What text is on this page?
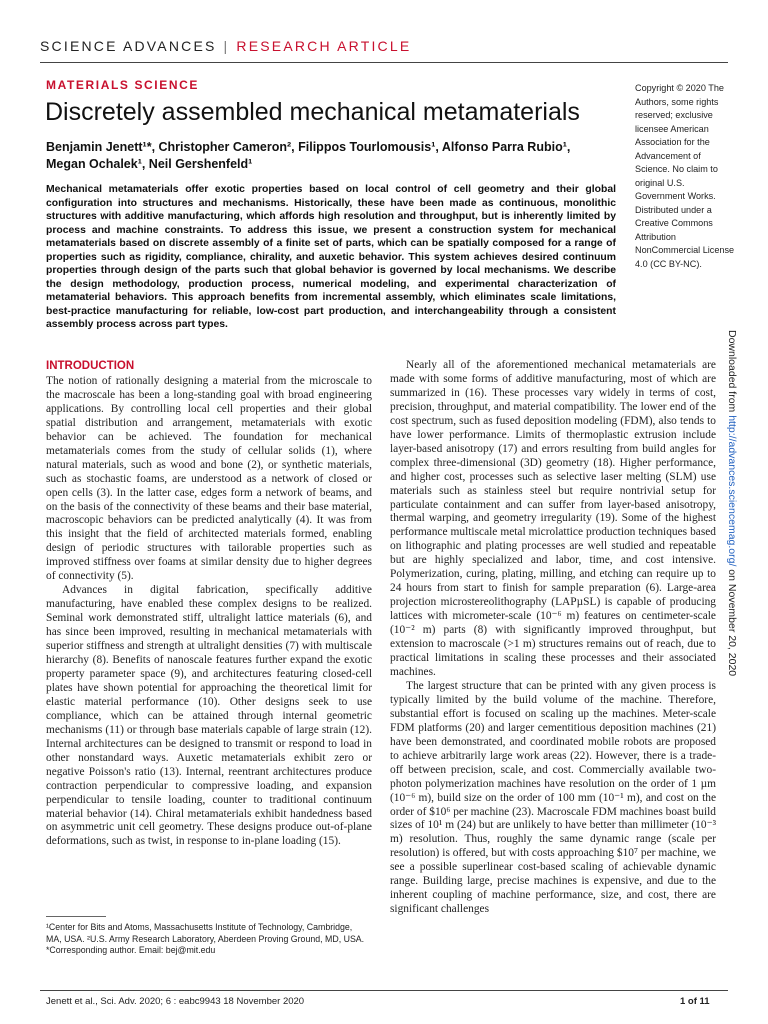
SCIENCE ADVANCES | RESEARCH ARTICLE
MATERIALS SCIENCE
Discretely assembled mechanical metamaterials
Benjamin Jenett¹*, Christopher Cameron², Filippos Tourlomousis¹, Alfonso Parra Rubio¹,
Megan Ochalek¹, Neil Gershenfeld¹
Mechanical metamaterials offer exotic properties based on local control of cell geometry and their global configuration into structures and mechanisms. Historically, these have been made as continuous, monolithic structures with additive manufacturing, which affords high resolution and throughput, but is inherently limited by process and machine constraints. To address this issue, we present a construction system for mechanical metamaterials based on discrete assembly of a finite set of parts, which can be spatially composed for a range of properties such as rigidity, compliance, chirality, and auxetic behavior. This system achieves desired continuum properties through design of the parts such that global behavior is governed by local mechanisms. We describe the design methodology, production process, numerical modeling, and experimental characterization of metamaterial behaviors. This approach benefits from incremental assembly, which eliminates scale limitations, best-practice manufacturing for reliable, low-cost part production, and interchangeability through a consistent assembly process across part types.
Copyright © 2020 The Authors, some rights reserved; exclusive licensee American Association for the Advancement of Science. No claim to original U.S. Government Works. Distributed under a Creative Commons Attribution NonCommercial License 4.0 (CC BY-NC).
INTRODUCTION

The notion of rationally designing a material from the microscale to the macroscale has been a long-standing goal with broad engineering applications. By controlling local cell properties and their global spatial distribution and arrangement, metamaterials with exotic behavior can be achieved. The foundation for mechanical metamaterials comes from the study of cellular solids (1), where natural materials, such as wood and bone (2), or synthetic materials, such as stochastic foams, are understood as a network of closed or open cells (3). In the latter case, edges form a network of beams, and on the basis of the connectivity of these beams and their base material, macroscopic behaviors can be predicted analytically (4). It was from this insight that the field of architected materials formed, enabling design of periodic structures with tailorable properties such as improved stiffness over foams at similar density due to higher degrees of connectivity (5).

Advances in digital fabrication, specifically additive manufacturing, have enabled these complex designs to be realized. Seminal work demonstrated stiff, ultralight lattice materials (6), and has since been improved, resulting in mechanical metamaterials with superior stiffness and strength at ultralight densities (7) with multiscale hierarchy (8). Benefits of nanoscale features further expand the exotic property parameter space (9), and architectures featuring closed-cell plates have shown potential for approaching the theoretical limit for elastic material performance (10). Other designs seek to use compliance, which can be attained through internal geometric mechanisms (11) or through base materials capable of large strain (12). Internal architectures can be designed to transmit or respond to load in other nonstandard ways. Auxetic metamaterials exhibit zero or negative Poisson's ratio (13). Internal, reentrant architectures produce contraction perpendicular to compressive loading, and expansion perpendicular to tensile loading, counter to traditional continuum material behavior (14). Chiral metamaterials exhibit handedness based on asymmetric unit cell geometry. These designs produce out-of-plane deformations, such as twist, in response to in-plane loading (15).

Nearly all of the aforementioned mechanical metamaterials are made with some forms of additive manufacturing, most of which are summarized in (16). These processes vary widely in terms of cost, precision, throughput, and material compatibility. The lower end of the cost spectrum, such as fused deposition modeling (FDM), also tends to have lower performance. Limits of thermoplastic extrusion include layer-based anisotropy (17) and errors resulting from build angles for complex three-dimensional (3D) geometry (18). Higher performance, and higher cost, processes such as selective laser melting (SLM) use materials such as stainless steel but require nontrivial setup for particulate containment and can suffer from layer-based anisotropy, thermal warping, and geometry irregularity (19). Some of the highest performance multiscale metal microlattice production techniques based on lithographic and plating processes are well studied and repeatable but are highly specialized and labor, time, and cost intensive. Polymerization, curing, plating, milling, and etching can require up to 24 hours from start to finish for sample preparation (6). Large-area projection microstereolithography (LAPµSL) is capable of producing lattices with micrometer-scale (10⁻⁶ m) features on centimeter-scale (10⁻² m) parts (8) with significantly improved throughput, but extension to macroscale (>1 m) structures remains out of reach, due to practical limitations in scaling these processes and their associated machines.

The largest structure that can be printed with any given process is typically limited by the build volume of the machine. Therefore, substantial effort is focused on scaling up the machines. Meter-scale FDM platforms (20) and larger cementitious deposition machines (21) have been demonstrated, and coordinated mobile robots are proposed to achieve arbitrarily large work areas (22). However, there is a trade-off between precision, scale, and cost. Commercially available two-photon polymerization machines have resolution on the order of 1 µm (10⁻⁶ m), build size on the order of 100 mm (10⁻¹ m), and cost on the order of $10⁶ per machine (23). Macroscale FDM machines boast build sizes of 10¹ m (24) but are unlikely to have better than millimeter (10⁻³ m) resolution. Thus, roughly the same dynamic range (scale per resolution) is offered, but with costs approaching $10⁷ per machine, we see a possible superlinear cost-based scaling of achievable dynamic range. Building large, precise machines is expensive, and due to the inherent coupling of machine performance, size, and cost, there are significant challenges

¹Center for Bits and Atoms, Massachusetts Institute of Technology, Cambridge, MA, USA. ²U.S. Army Research Laboratory, Aberdeen Proving Ground, MD, USA.
*Corresponding author. Email: bej@mit.edu
Downloaded from http://advances.sciencemag.org/ on November 20, 2020
Jenett et al., Sci. Adv. 2020; 6 : eabc9943 18 November 2020	1 of 11
